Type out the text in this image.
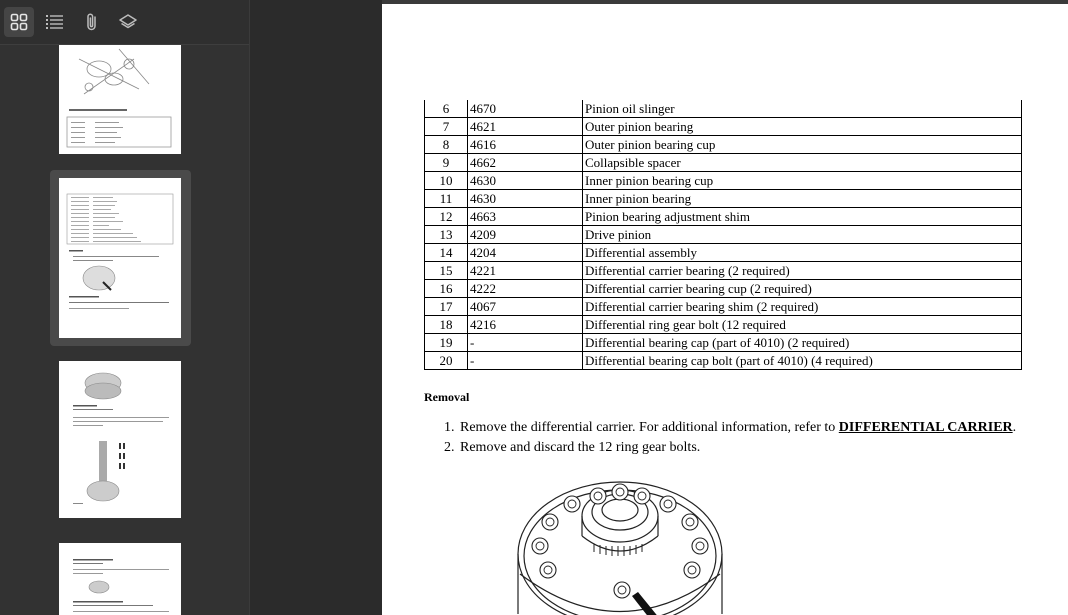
6	4670	Pinion oil slinger
7	4621	Outer pinion bearing
8	4616	Outer pinion bearing cup
9	4662	Collapsible spacer
10	4630	Inner pinion bearing cup
11	4630	Inner pinion bearing
12	4663	Pinion bearing adjustment shim
13	4209	Drive pinion
14	4204	Differential assembly
15	4221	Differential carrier bearing (2 required)
16	4222	Differential carrier bearing cup (2 required)
17	4067	Differential carrier bearing shim (2 required)
18	4216	Differential ring gear bolt (12 required
19	-	Differential bearing cap (part of 4010) (2 required)
20	-	Differential bearing cap bolt (part of 4010) (4 required)
Removal
1. Remove the differential carrier. For additional information, refer to DIFFERENTIAL CARRIER.
2. Remove and discard the 12 ring gear bolts.
